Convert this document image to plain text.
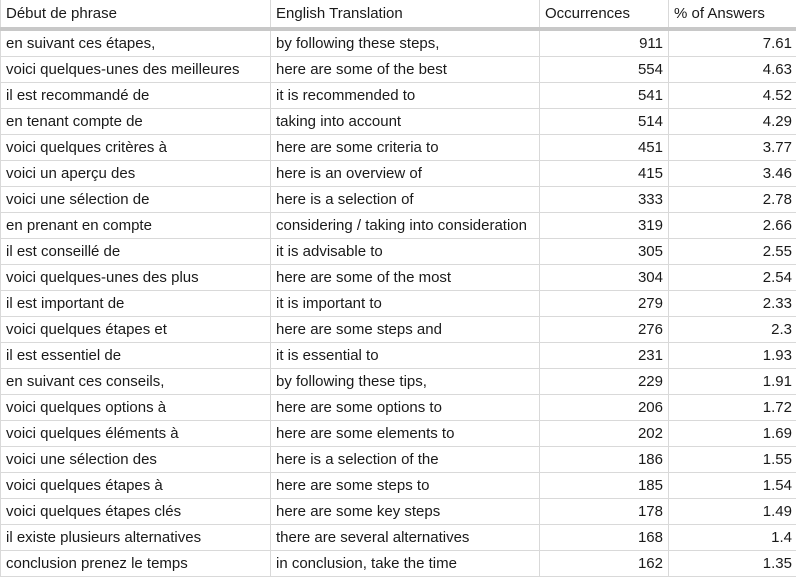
Début de phrase	English Translation	Occurrences	% of Answers
en suivant ces étapes,	by following these steps,	911	7.61
voici quelques-unes des meilleures	here are some of the best	554	4.63
il est recommandé de	it is recommended to	541	4.52
en tenant compte de	taking into account	514	4.29
voici quelques critères à	here are some criteria to	451	3.77
voici un aperçu des	here is an overview of	415	3.46
voici une sélection de	here is a selection of	333	2.78
en prenant en compte	considering / taking into consideration	319	2.66
il est conseillé de	it is advisable to	305	2.55
voici quelques-unes des plus	here are some of the most	304	2.54
il est important de	it is important to	279	2.33
voici quelques étapes et	here are some steps and	276	2.3
il est essentiel de	it is essential to	231	1.93
en suivant ces conseils,	by following these tips,	229	1.91
voici quelques options à	here are some options to	206	1.72
voici quelques éléments à	here are some elements to	202	1.69
voici une sélection des	here is a selection of the	186	1.55
voici quelques étapes à	here are some steps to	185	1.54
voici quelques étapes clés	here are some key steps	178	1.49
il existe plusieurs alternatives	there are several alternatives	168	1.4
conclusion prenez le temps	in conclusion, take the time	162	1.35
